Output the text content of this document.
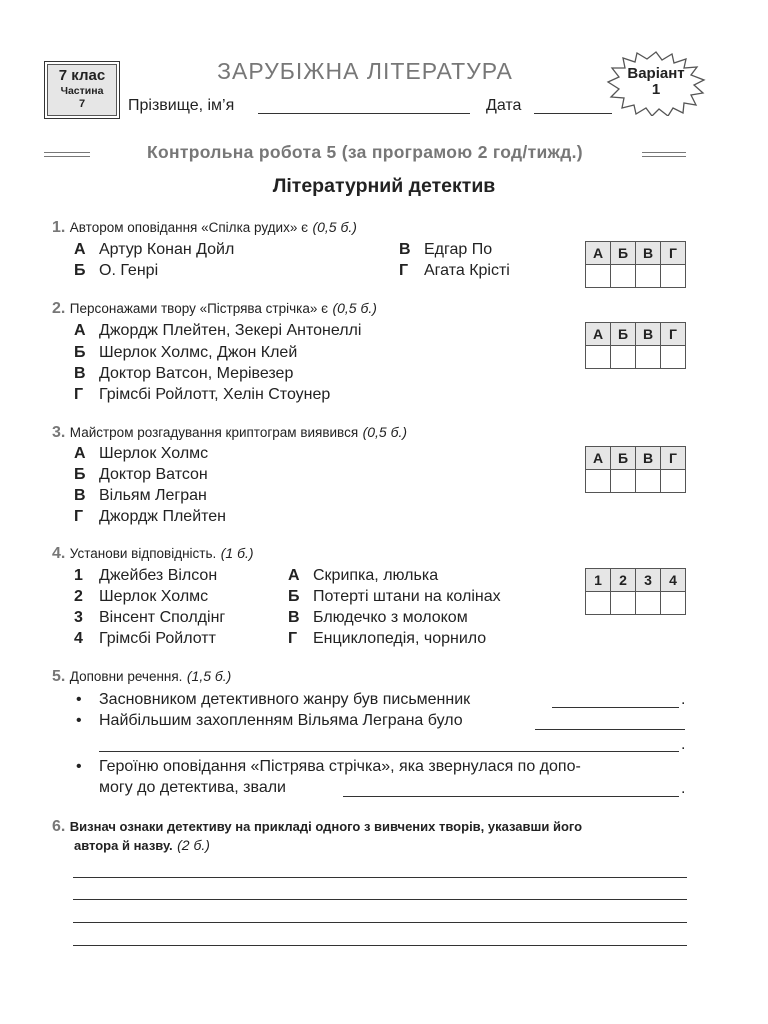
7 клас
Частина
7
ЗАРУБІЖНА ЛІТЕРАТУРА
Прізвище, ім’я	Дата
Варіант
1
Контрольна робота 5 (за програмою 2 год/тижд.)
Літературний детектив
1. Автором оповідання «Спілка рудих» є (0,5 б.)
А Артур Конан Дойл
Б О. Генрі
В Едгар По
Г Агата Крісті
А	Б	В	Г

2. Персонажами твору «Пістрява стрічка» є (0,5 б.)
А Джордж Плейтен, Зекері Антонеллі
Б Шерлок Холмс, Джон Клей
В Доктор Ватсон, Мерівезер
Г Грімсбі Ройлотт, Хелін Стоунер
А	Б	В	Г

3. Майстром розгадування криптограм виявився (0,5 б.)
А Шерлок Холмс
Б Доктор Ватсон
В Вільям Легран
Г Джордж Плейтен
А	Б	В	Г

4. Установи відповідність. (1 б.)
1 Джейбез Вілсон
2 Шерлок Холмс
3 Вінсент Сполдінг
4 Грімсбі Ройлотт
А Скрипка, люлька
Б Потерті штани на колінах
В Блюдечко з молоком
Г Енциклопедія, чорнило
1	2	3	4

5. Доповни речення. (1,5 б.)
• Засновником детективного жанру був письменник	.
• Найбільшим захопленням Вільяма Леграна було
.
• Героїню оповідання «Пістрява стрічка», яка звернулася по допо-
могу до детектива, звали	.
6. Визнач ознаки детективу на прикладі одного з вивчених творів, указавши його
автора й назву. (2 б.)
